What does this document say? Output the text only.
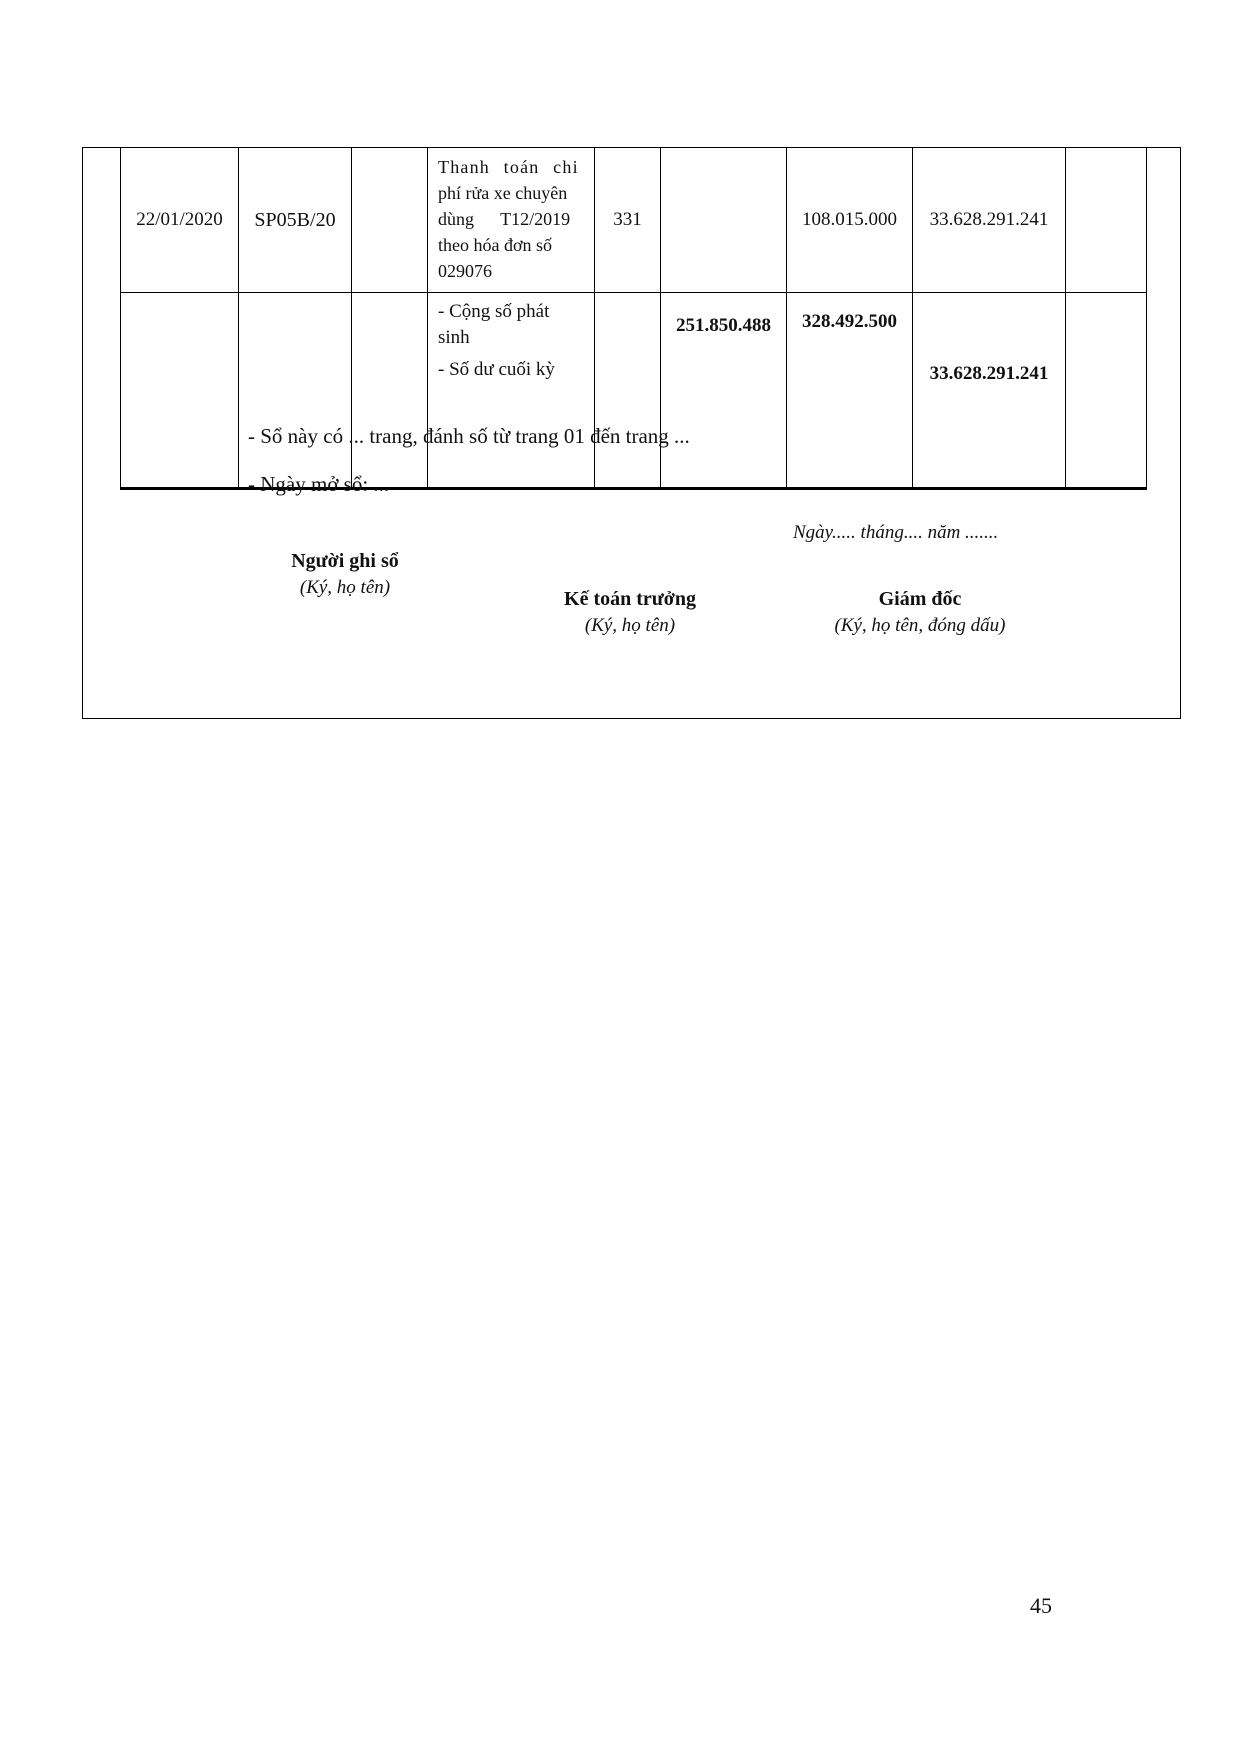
22/01/2020	SP05B/20		Thanh toán chi
phí rửa xe chuyên
dùng T12/2019
theo hóa đơn số
029076	331		108.015.000	33.628.291.241	

			- Cộng số phát
sinh
- Số dư cuối kỳ		251.850.488	328.492.500	33.628.291.241	
- Sổ này có ... trang, đánh số từ trang 01 đến trang ...
- Ngày mở sổ: ...
Ngày..... tháng.... năm .......
Người ghi sổ
(Ký, họ tên)
Kế toán trưởng
(Ký, họ tên)
Giám đốc
(Ký, họ tên, đóng dấu)
45
